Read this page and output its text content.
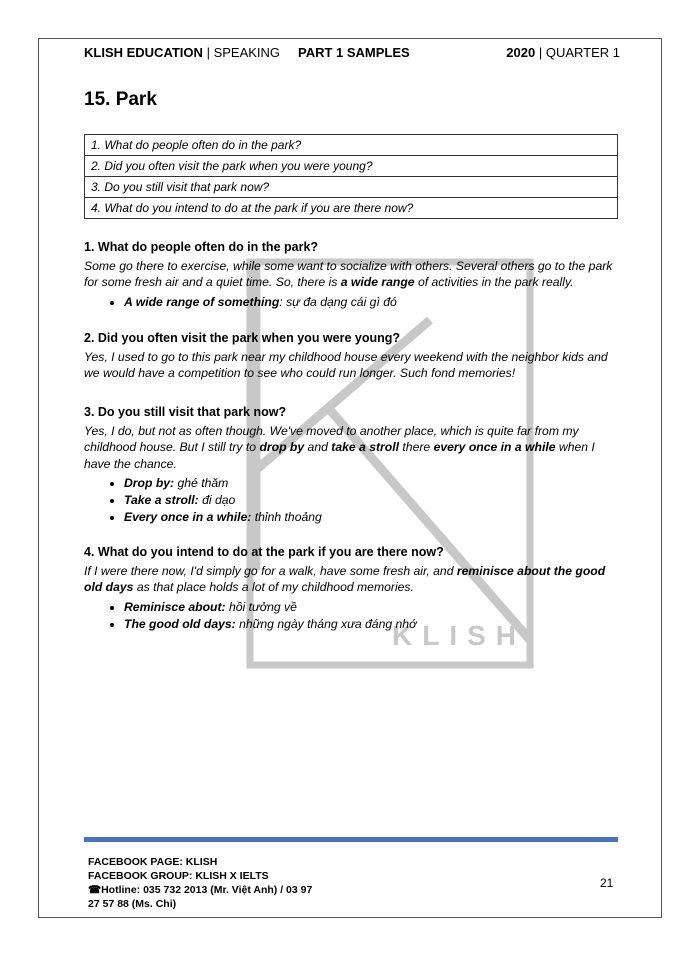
KLISH
KLISH EDUCATION | SPEAKING PART 1 SAMPLES	2020 | QUARTER 1
15. Park
1. What do people often do in the park?
2. Did you often visit the park when you were young?
3. Do you still visit that park now?
4. What do you intend to do at the park if you are there now?
1. What do people often do in the park?
Some go there to exercise, while some want to socialize with others. Several others go to the park for some fresh air and a quiet time. So, there is a wide range of activities in the park really.
• A wide range of something: sự đa dạng cái gì đó
2. Did you often visit the park when you were young?
Yes, I used to go to this park near my childhood house every weekend with the neighbor kids and we would have a competition to see who could run longer. Such fond memories!
3. Do you still visit that park now?
Yes, I do, but not as often though. We've moved to another place, which is quite far from my childhood house. But I still try to drop by and take a stroll there every once in a while when I have the chance.
• Drop by: ghé thăm
• Take a stroll: đi dạo
• Every once in a while: thỉnh thoảng
4. What do you intend to do at the park if you are there now?
If I were there now, I'd simply go for a walk, have some fresh air, and reminisce about the good old days as that place holds a lot of my childhood memories.
• Reminisce about: hồi tưởng về
• The good old days: những ngày tháng xưa đáng nhớ
FACEBOOK PAGE: KLISH
FACEBOOK GROUP: KLISH X IELTS
☎Hotline: 035 732 2013 (Mr. Việt Anh) / 03 97
27 57 88 (Ms. Chi)
21
